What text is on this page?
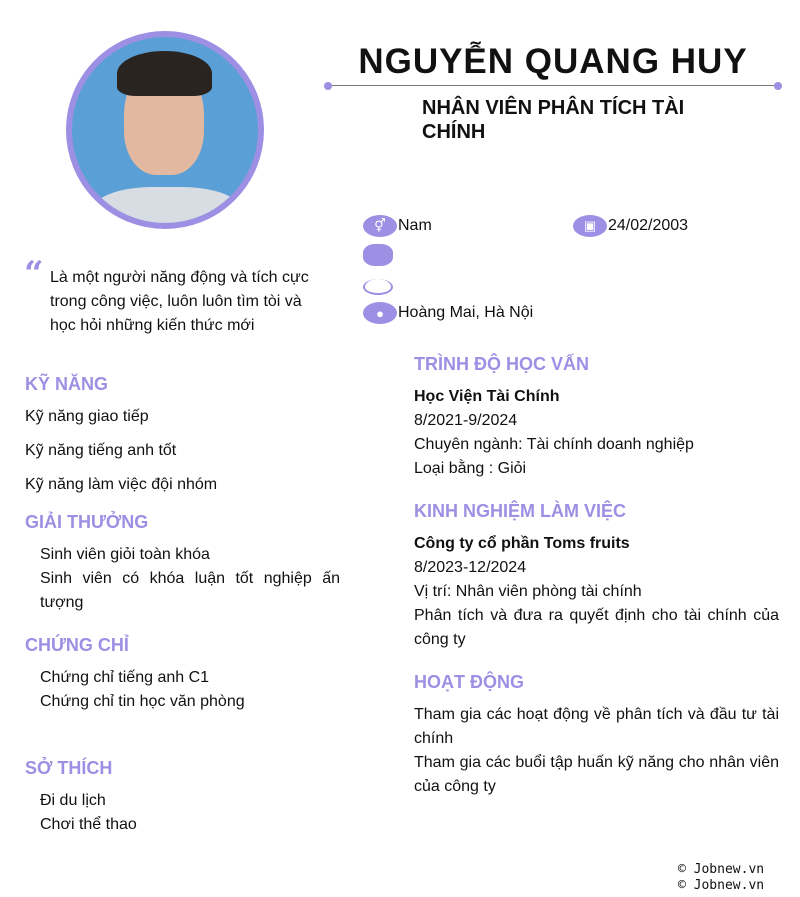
NGUYỄN QUANG HUY
NHÂN VIÊN PHÂN TÍCH TÀI CHÍNH
⚥ Nam	▣ 24/02/2003
● Hoàng Mai, Hà Nội
“ Là một người năng động và tích cực trong công việc, luôn luôn tìm tòi và học hỏi những kiến thức mới
KỸ NĂNG
Kỹ năng giao tiếp
Kỹ năng tiếng anh tốt
Kỹ năng làm việc đội nhóm
GIẢI THƯỞNG
Sinh viên giỏi toàn khóa
Sinh viên có khóa luận tốt nghiệp ấn tượng
CHỨNG CHỈ
Chứng chỉ tiếng anh C1
Chứng chỉ tin học văn phòng
SỞ THÍCH
Đi du lịch
Chơi thể thao
TRÌNH ĐỘ HỌC VẤN
Học Viện Tài Chính
8/2021-9/2024
Chuyên ngành: Tài chính doanh nghiệp
Loại bằng : Giỏi
KINH NGHIỆM LÀM VIỆC
Công ty cổ phần Toms fruits
8/2023-12/2024
Vị trí: Nhân viên phòng tài chính
Phân tích và đưa ra quyết định cho tài chính của công ty
HOẠT ĐỘNG
Tham gia các hoạt động về phân tích và đầu tư tài chính
Tham gia các buổi tập huấn kỹ năng cho nhân viên của công ty
© Jobnew.vn
© Jobnew.vn
